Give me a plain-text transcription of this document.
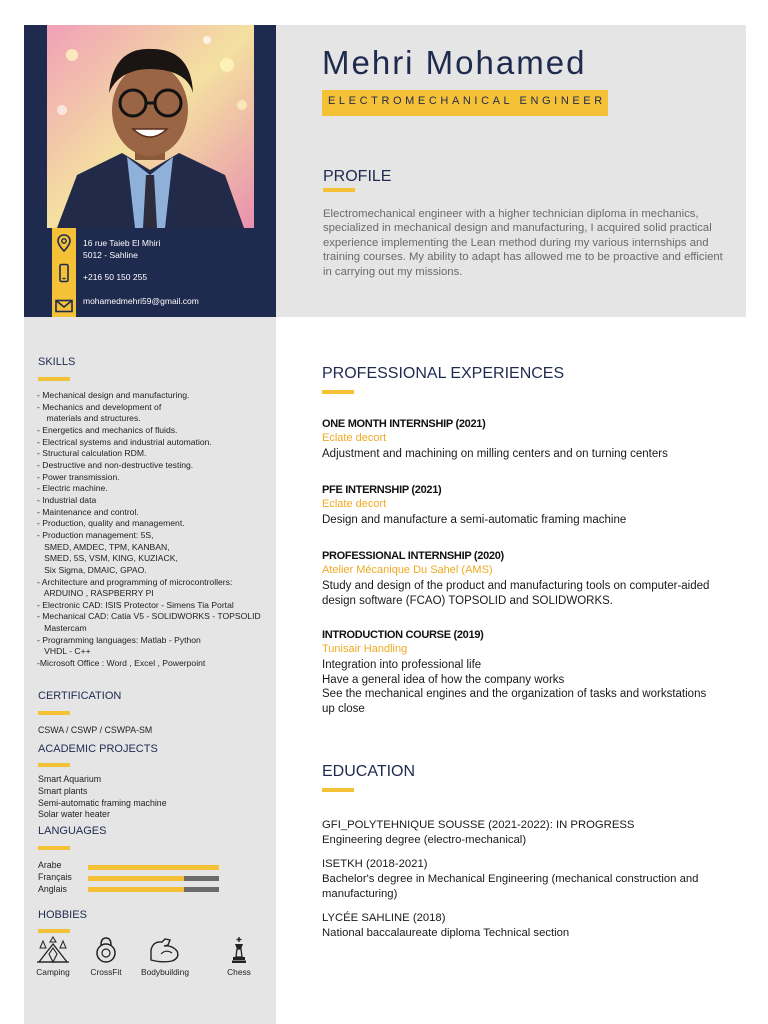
16 rue Taieb El Mhiri
5012 - Sahline
+216 50 150 255
mohamedmehri59@gmail.com
Mehri Mohamed
ELECTROMECHANICAL ENGINEER
PROFILE

Electromechanical engineer with a higher technician diploma in mechanics, specialized in mechanical design and manufacturing, I acquired solid practical experience implementing the Lean method during my various internships and training courses. My ability to adapt has allowed me to be proactive and efficient in carrying out my missions.

SKILLS
- Mechanical design and manufacturing.
- Mechanics and development of
materials and structures.
- Energetics and mechanics of fluids.
- Electrical systems and industrial automation.
- Structural calculation RDM.
- Destructive and non-destructive testing.
- Power transmission.
- Electric machine.
- Industrial data
- Maintenance and control.
- Production, quality and management.
- Production management: 5S,
SMED, AMDEC, TPM, KANBAN,
SMED, 5S, VSM, KING, KUZIACK,
Six Sigma, DMAIC, GPAO.
- Architecture and programming of microcontrollers:
ARDUINO , RASPBERRY PI
- Electronic CAD: ISIS Protector - Simens Tia Portal
- Mechanical CAD: Catia V5 - SOLIDWORKS - TOPSOLID
Mastercam
- Programming languages: Matlab - Python
VHDL - C++
-Microsoft Office : Word , Excel , Powerpoint
CERTIFICATION
CSWA / CSWP / CSWPA-SM
ACADEMIC PROJECTS
Smart Aquarium
Smart plants
Semi-automatic framing machine
Solar water heater
LANGUAGES
Arabe
Français
Anglais
HOBBIES
Camping	CrossFit	Bodybuilding	Chess
PROFESSIONAL EXPERIENCES

ONE MONTH INTERNSHIP (2021)

Eclate decort

Adjustment and machining on milling centers and on turning centers

PFE INTERNSHIP (2021)

Eclate decort

Design and manufacture a semi-automatic framing machine

PROFESSIONAL INTERNSHIP (2020)

Atelier Mécanique Du Sahel (AMS)

Study and design of the product and manufacturing tools on computer-aided design software (FCAO) TOPSOLID and SOLIDWORKS.

INTRODUCTION COURSE (2019)

Tunisair Handling

Integration into professional life
Have a general idea of how the company works
See the mechanical engines and the organization of tasks and workstations
up close

EDUCATION

GFI_POLYTEHNIQUE SOUSSE (2021-2022): IN PROGRESS

Engineering degree (electro-mechanical)

ISETKH (2018-2021)

Bachelor's degree in Mechanical Engineering (mechanical construction and manufacturing)

LYCÉE SAHLINE (2018)

National baccalaureate diploma Technical section
